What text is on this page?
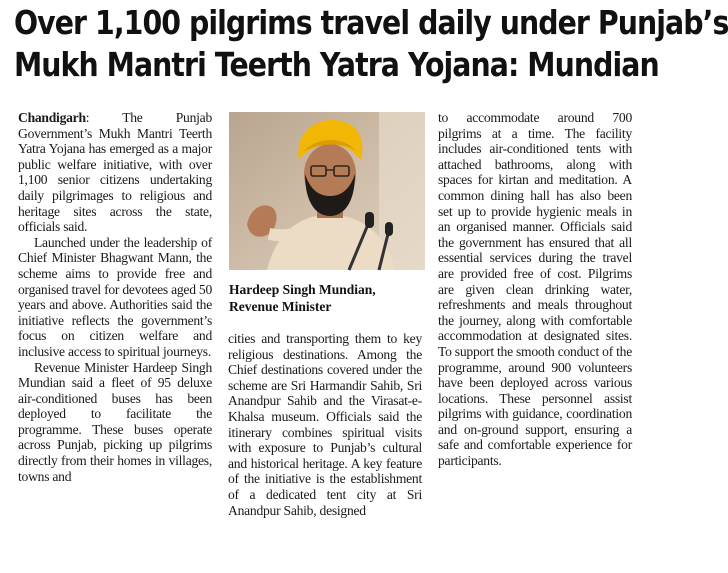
Over 1,100 pilgrims travel daily under Punjab’s
Mukh Mantri Teerth Yatra Yojana: Mundian

Chandigarh: The Punjab Government’s Mukh Mantri Teerth Yatra Yojana has emerged as a major public welfare initiative, with over 1,100 senior citizens undertaking daily pilgrimages to religious and heritage sites across the state, officials said.

Launched under the leadership of Chief Minister Bhagwant Mann, the scheme aims to provide free and organised travel for devotees aged 50 years and above. Authorities said the initiative reflects the government’s focus on citizen welfare and inclusive access to spiritual journeys.

Revenue Minister Hardeep Singh Mundian said a fleet of 95 deluxe air-conditioned buses has been deployed to facilitate the programme. These buses operate across Punjab, picking up pilgrims directly from their homes in villages, towns and

Hardeep Singh Mundian,
Revenue Minister

cities and transporting them to key religious destinations. Among the Chief destinations covered under the scheme are Sri Harmandir Sahib, Sri Anandpur Sahib and the Virasat-e-Khalsa museum. Officials said the itinerary combines spiritual visits with exposure to Punjab’s cultural and historical heritage. A key feature of the initiative is the establishment of a dedicated tent city at Sri Anandpur Sahib, designed

to accommodate around 700 pilgrims at a time. The facility includes air-conditioned tents with attached bathrooms, along with spaces for kirtan and meditation. A common dining hall has also been set up to provide hygienic meals in an organised manner. Officials said the government has ensured that all essential services during the travel are provided free of cost. Pilgrims are given clean drinking water, refreshments and meals throughout the journey, along with comfortable accommodation at designated sites. To support the smooth conduct of the programme, around 900 volunteers have been deployed across various locations. These personnel assist pilgrims with guidance, coordination and on-ground support, ensuring a safe and comfortable experience for participants.
